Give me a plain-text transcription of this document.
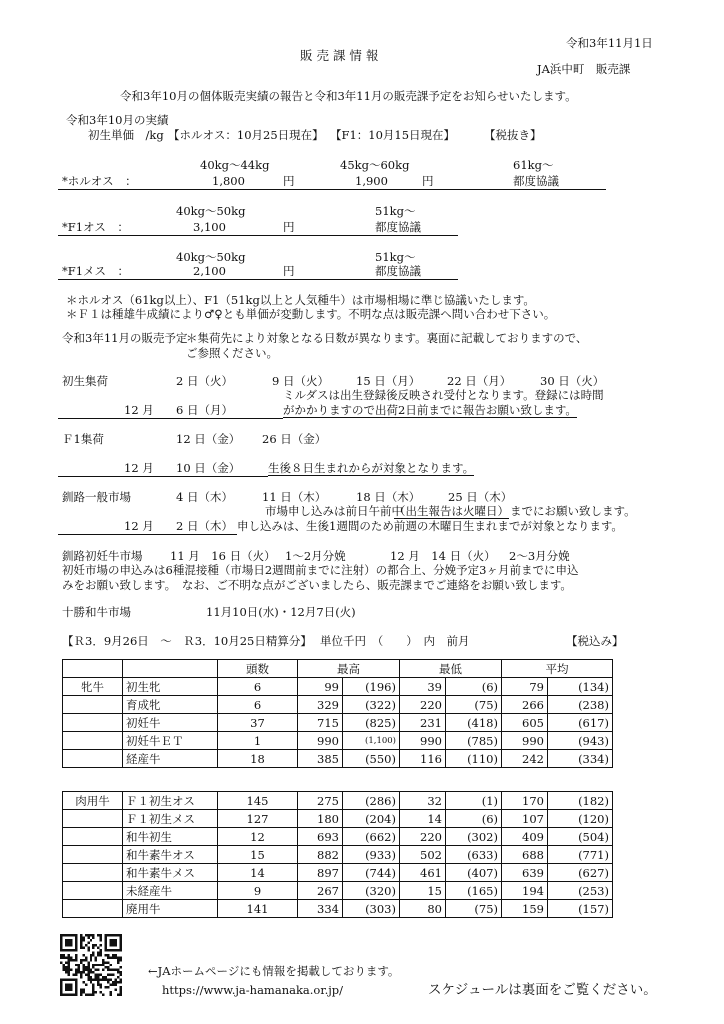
令和3年11月1日
販 売 課 情 報
JA浜中町　販売課
令和3年10月の個体販売実績の報告と令和3年11月の販売課予定をお知らせいたします。
令和3年10月の実績
初生単価　/kg 【ホルオス：10月25日現在】 【F1：10月15日現在】	【税抜き】
40kg～44kg	45kg～60kg	61kg～
*ホルオス　：	1,800	円	1,900	円	都度協議
40kg～50kg	51kg～
*F1オス　：	3,100	円	都度協議
40kg～50kg	51kg～
*F1メス　：	2,100	円	都度協議
＊ホルオス（61kg以上）、F1（51kg以上と人気種牛）は市場相場に準じ協議いたします。
＊Ｆ１は種雄牛成績により♂♀とも単価が変動します。不明な点は販売課へ問い合わせ下さい。
令和3年11月の販売予定
＊集荷先により対象となる日数が異なります。裏面に記載しておりますので、
ご参照ください。
初生集荷	2 日（火）	9 日（火） 15 日（月） 22 日（月） 30 日（火）
ミルダスは出生登録後反映され受付となります。登録には時間
12 月 6 日（月）	がかかりますので出荷2日前までに報告お願い致します。
Ｆ1集荷	12 日（金） 26 日（金）
12 月 10 日（金） 生後８日生まれからが対象となります。
釧路一般市場	4 日（木）	11 日（木）	18 日（木） 25 日（木）
市場申し込みは前日午前中
（出生報告は火曜日） までにお願い致します。
12 月 2 日（木） 申し込みは、生後1週間のため前週の木曜日生まれまでが対象となります。
釧路初妊牛市場 11 月　16 日（火） 1～2月分娩	12 月　14 日（火） 2～3月分娩
初妊市場の申込みは6種混接種（市場日2週間前までに注射）の都合上、分娩予定3ヶ月前までに申込
みをお願い致します。　なお、ご不明な点がございましたら、販売課までご連絡をお願い致します。
十勝和牛市場	11月10日(水)・12月7日(火)
【Ｒ3．9月26日　～　Ｒ3．10月25日精算分】 単位千円　（　　）　内　前月	【税込み】
		頭数	最高		最低		平均	
牝牛	初生牝	6	99	(196)	39	(6)	79	(134)
	育成牝	6	329	(322)	220	(75)	266	(238)
	初妊牛	37	715	(825)	231	(418)	605	(617)
	初妊牛ＥＴ	1	990	(1,100)	990	(785)	990	(943)
	経産牛	18	385	(550)	116	(110)	242	(334)
肉用牛	Ｆ１初生オス	145	275	(286)	32	(1)	170	(182)
	Ｆ１初生メス	127	180	(204)	14	(6)	107	(120)
	和牛初生	12	693	(662)	220	(302)	409	(504)
	和牛素牛オス	15	882	(933)	502	(633)	688	(771)
	和牛素牛メス	14	897	(744)	461	(407)	639	(627)
	未経産牛	9	267	(320)	15	(165)	194	(253)
	廃用牛	141	334	(303)	80	(75)	159	(157)
←JAホームページにも情報を掲載しております。
https://www.ja-hamanaka.or.jp/	スケジュールは裏面をご覧ください。
